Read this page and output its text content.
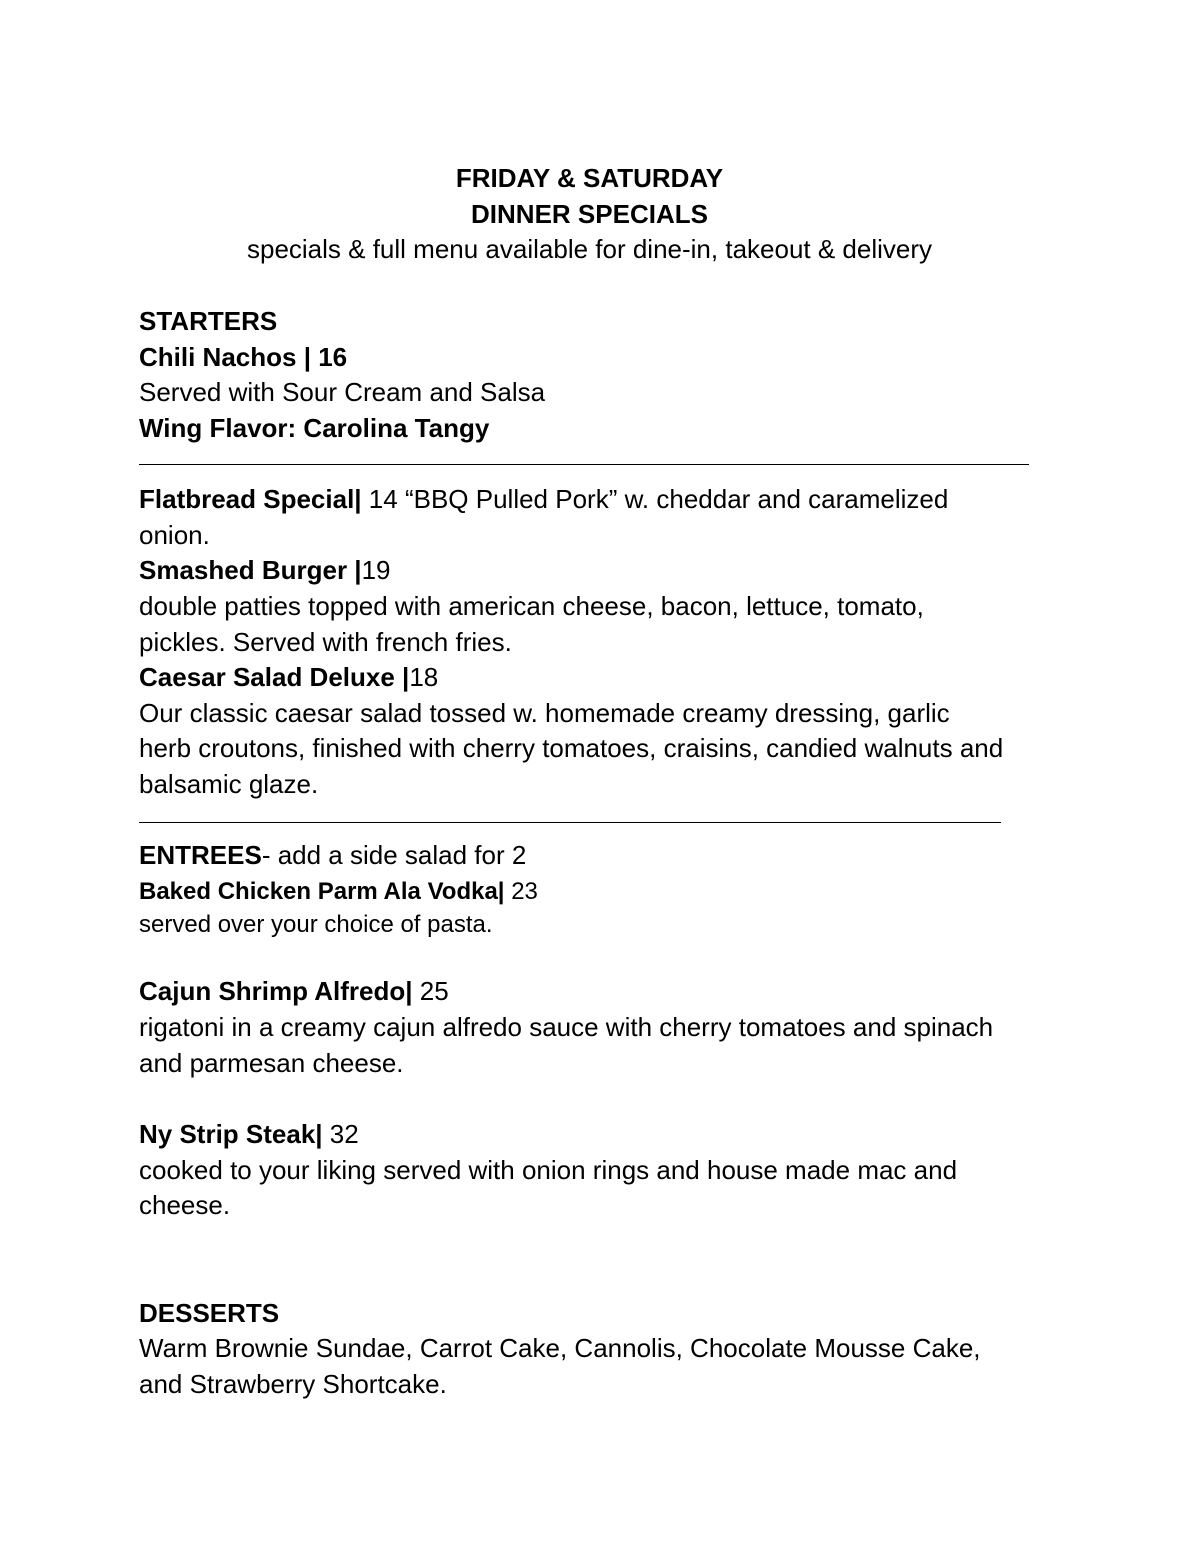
FRIDAY & SATURDAY

DINNER SPECIALS

specials & full menu available for dine-in, takeout & delivery

STARTERS

Chili Nachos | 16

Served with Sour Cream and Salsa

Wing Flavor: Carolina Tangy

Flatbread Special| 14 “BBQ Pulled Pork” w. cheddar and caramelized

onion.

Smashed Burger |19

double patties topped with american cheese, bacon, lettuce, tomato,

pickles. Served with french fries.

Caesar Salad Deluxe |18

Our classic caesar salad tossed w. homemade creamy dressing, garlic

herb croutons, finished with cherry tomatoes, craisins, candied walnuts and

balsamic glaze.

ENTREES- add a side salad for 2

Baked Chicken Parm Ala Vodka| 23

served over your choice of pasta.

Cajun Shrimp Alfredo| 25

rigatoni in a creamy cajun alfredo sauce with cherry tomatoes and spinach

and parmesan cheese.

Ny Strip Steak| 32

cooked to your liking served with onion rings and house made mac and

cheese.

DESSERTS

Warm Brownie Sundae, Carrot Cake, Cannolis, Chocolate Mousse Cake,

and Strawberry Shortcake.
